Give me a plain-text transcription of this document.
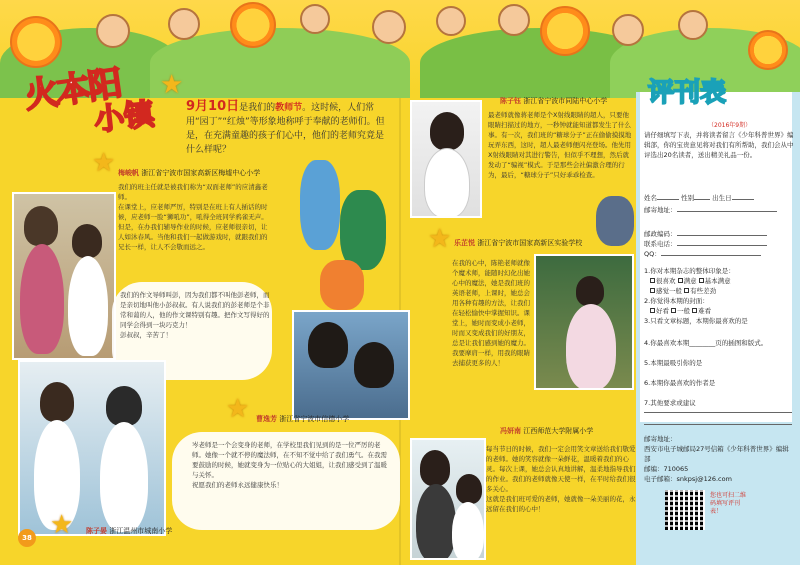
火本阳
小镇
★
9月10日是我们的教师节。这时候，人们常用“园丁”“红烛”等形象地称呼于奉献的老师们。但是，在充满童趣的孩子们心中，他们的老师究竟是什么样呢？
★ 梅峻帆 浙江省宁波市国家高新区梅墟中心小学
我们的班主任就是被我们称为“双面老师”的应清鑫老师。
在课堂上，应老师严厉，特别是在班上有人插话的时候，应老师一脸“狮吼功”，吼得全班同学鸦雀无声。但是，在办我们辅导作业的时候，应老师很亲切，让人如沐春风。当他和我们一起做游戏时，就跟我们的兄长一样，让人不会敬而远之。
我们的作文导师叫彭，因为我们都不叫他彭老师，而是亲切地叫他小彭叔叔。有人说我们的彭老师是个非常和蔼的人，他的作文课特别有趣。把作文写得好的同学会得到一块巧克力！
彭叔叔，辛苦了！
★	陈子晏 浙江温州市城南小学
陈子钰 浙江省宁波市同陆中心小学
最老师就像蒋老师是个X射线眼睛的超人，只要他眼睛扫描过的地方，一秒钟就能知道都发生了什么事。有一次，我们班的“糖球分子”正在偷偷摸摸地玩弄东西，这时，超人最老师便闪亮登场。他先用X射线眼睛对其进行警告，但似乎不理想，然后就发动了“骗视”模式。于是那些会社偏激合理的行为，最后，“糖球分子”只好乖乖检查。
★ 乐芷悦 浙江省宁波市国家高新区实验学校
在我的心中，陈艳老师就像个魔术师，能随时幻化出她心中的魔法，她是我们班的英语老师，上课时，她总会用各种有趣的方法，让我们在轻松愉快中掌握知识。课堂上，她时而变成小老师，时而又变成我们的好朋友，总是让我们感到她的魔力。
我要摩肩一样，用我的眼睛去捕获更多的人！
★ 曹逸芳 浙江省宁波市信德小学
岑老师是一个会变身的老师，在学校里我们见到的是一位严厉的老师。她像一个就不停的魔法师，在不知不觉中给了我们勇气。在我需要鼓励的时候，她就变身为一位贴心的大姐姐，让我们感受到了温暖与关怀。
祝愿我们的老师永远健康快乐！
冯妍南 江西师范大学附属小学
每当节日的时候，我们一定会用笑文章送给我们敬爱的老师。她的笑容就像一朵鲜花，温暖着我们的心灵。每次上课，她总会认真地讲解，温柔地指导我们的作业。我们的老师就像天使一样，在平时给我们很多关心。
这就是我们班可爱的老师，她就像一朵美丽的花，永远留在我们的心中！
38
评刊表
（2016年9期）
请仔细填写下表，并将读者留言《少年科普世界》编辑部，你的宝贵意见将对我们有所帮助，我们会从中评选出20名读者，送出精美礼品一份。
姓名	性别	出生日
邮寄地址：
邮政编码：
联系电话：
QQ：
1.你对本期杂志的整体印象是：
很喜欢 满意 基本满意
感觉一般 有些差劲
2.你觉得本期的封面：
好看 一般 难看
3.只看文章标题，本期你最喜欢的是
4.你最喜欢本期________页的插图和版式。
5.本期最吸引你的是
6.本期你最喜欢的作者是
7.其他要求或建议
邮寄地址：
西安市电子城邮局27号信箱《少年科普世界》编辑部
邮编：710065
电子邮箱：snkpsj@126.com
您也可扫二维码填写评刊表！
